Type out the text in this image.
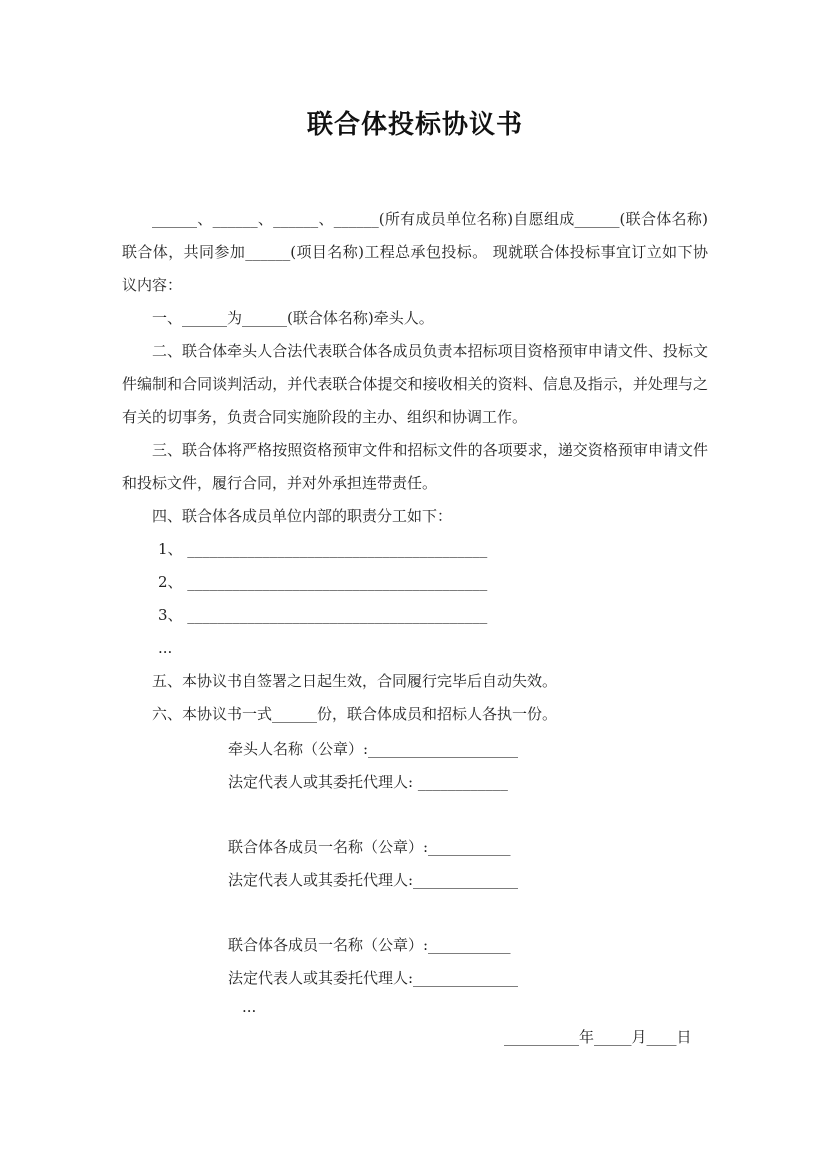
联合体投标协议书

______、______、______、______(所有成员单位名称)自愿组成______(联合体名称)联合体，共同参加______(项目名称)工程总承包投标。 现就联合体投标事宜订立如下协议内容：

一、______为______(联合体名称)牵头人。

二、联合体牵头人合法代表联合体各成员负责本招标项目资格预审申请文件、投标文件编制和合同谈判活动，并代表联合体提交和接收相关的资料、信息及指示，并处理与之有关的切事务，负责合同实施阶段的主办、组织和协调工作。

三、联合体将严格按照资格预审文件和招标文件的各项要求，递交资格预审申请文件和投标文件，履行合同，并对外承担连带责任。

四、联合体各成员单位内部的职责分工如下：

1、 ________________________________________

2、 ________________________________________

3、 ________________________________________

...

五、本协议书自签署之日起生效，合同履行完毕后自动失效。

六、本协议书一式______份，联合体成员和招标人各执一份。

牵头人名称（公章）:____________________
法定代表人或其委托代理人: ____________
联合体各成员一名称（公章）:___________
法定代表人或其委托代理人:______________
联合体各成员一名称（公章）:___________
法定代表人或其委托代理人:______________
...
__________年_____月____日
